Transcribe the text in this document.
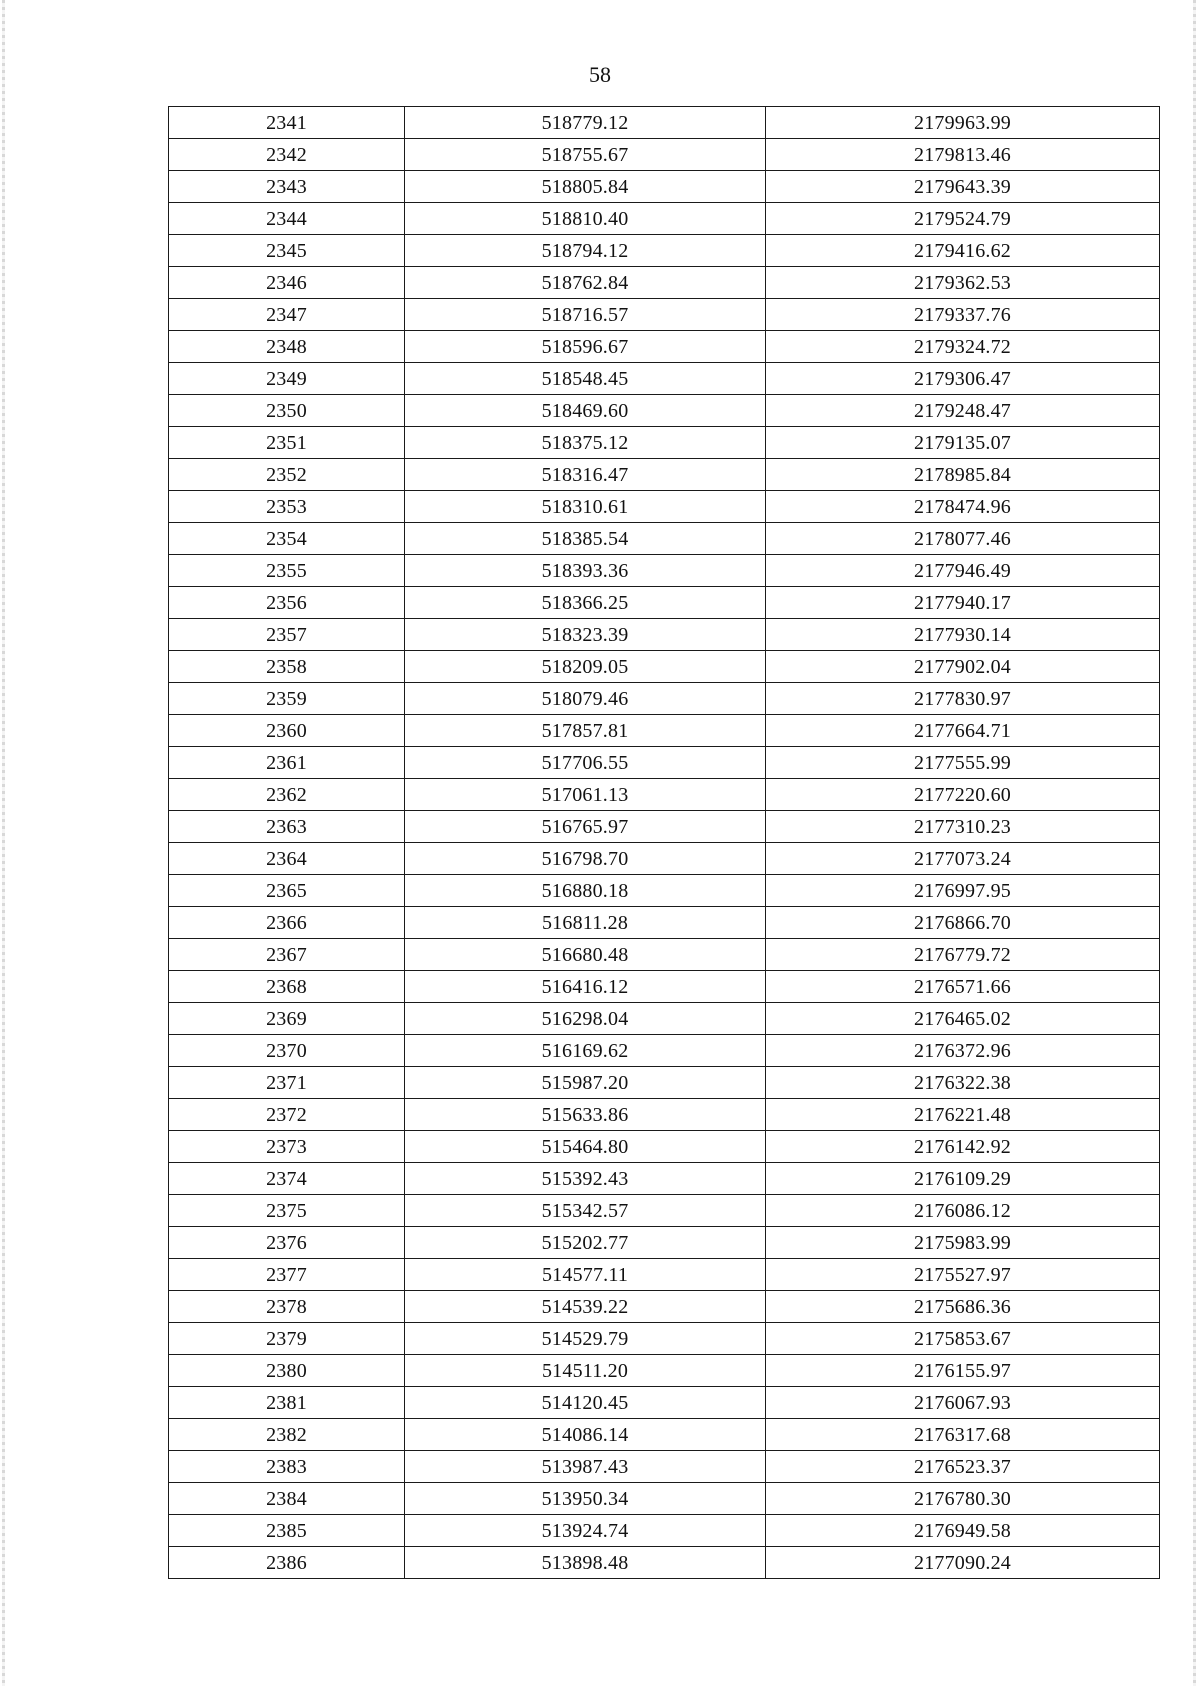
58
2341	518779.12	2179963.99
2342	518755.67	2179813.46
2343	518805.84	2179643.39
2344	518810.40	2179524.79
2345	518794.12	2179416.62
2346	518762.84	2179362.53
2347	518716.57	2179337.76
2348	518596.67	2179324.72
2349	518548.45	2179306.47
2350	518469.60	2179248.47
2351	518375.12	2179135.07
2352	518316.47	2178985.84
2353	518310.61	2178474.96
2354	518385.54	2178077.46
2355	518393.36	2177946.49
2356	518366.25	2177940.17
2357	518323.39	2177930.14
2358	518209.05	2177902.04
2359	518079.46	2177830.97
2360	517857.81	2177664.71
2361	517706.55	2177555.99
2362	517061.13	2177220.60
2363	516765.97	2177310.23
2364	516798.70	2177073.24
2365	516880.18	2176997.95
2366	516811.28	2176866.70
2367	516680.48	2176779.72
2368	516416.12	2176571.66
2369	516298.04	2176465.02
2370	516169.62	2176372.96
2371	515987.20	2176322.38
2372	515633.86	2176221.48
2373	515464.80	2176142.92
2374	515392.43	2176109.29
2375	515342.57	2176086.12
2376	515202.77	2175983.99
2377	514577.11	2175527.97
2378	514539.22	2175686.36
2379	514529.79	2175853.67
2380	514511.20	2176155.97
2381	514120.45	2176067.93
2382	514086.14	2176317.68
2383	513987.43	2176523.37
2384	513950.34	2176780.30
2385	513924.74	2176949.58
2386	513898.48	2177090.24
